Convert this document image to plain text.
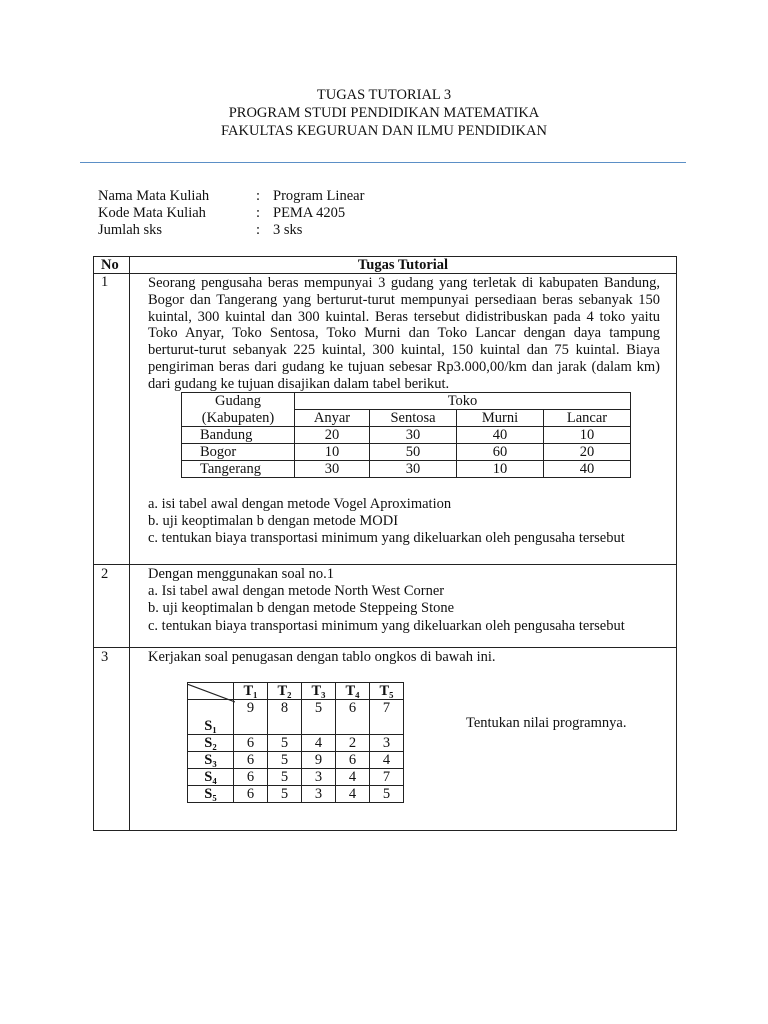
TUGAS TUTORIAL 3
PROGRAM STUDI PENDIDIKAN MATEMATIKA
FAKULTAS KEGURUAN DAN ILMU PENDIDIKAN
Nama Mata Kuliah	: Program Linear
Kode Mata Kuliah	: PEMA 4205
Jumlah sks	: 3 sks
No	Tugas Tutorial
1	Seorang pengusaha beras mempunyai 3 gudang yang terletak di kabupaten Bandung, Bogor dan Tangerang yang berturut-turut mempunyai persediaan beras sebanyak 150 kuintal, 300 kuintal dan 300 kuintal. Beras tersebut didistribuskan pada 4 toko yaitu Toko Anyar, Toko Sentosa, Toko Murni dan Toko Lancar dengan daya tampung berturut-turut sebanyak 225 kuintal, 300 kuintal, 150 kuintal dan 75 kuintal. Biaya pengiriman beras dari gudang ke tujuan sebesar Rp3.000,00/km dan jarak (dalam km) dari gudang ke tujuan disajikan dalam tabel berikut.
Gudang	Toko			
(Kabupaten)	Anyar	Sentosa	Murni	Lancar
Bandung	20	30	40	10
Bogor	10	50	60	20
Tangerang	30	30	10	40
a. isi tabel awal dengan metode Vogel Aproximation
b. uji keoptimalan b dengan metode MODI
c. tentukan biaya transportasi minimum yang dikeluarkan oleh pengusaha tersebut
2	Dengan menggunakan soal no.1
a. Isi tabel awal dengan metode North West Corner
b. uji keoptimalan b dengan metode Steppeing Stone
c. tentukan biaya transportasi minimum yang dikeluarkan oleh pengusaha tersebut
3	Kerjakan soal penugasan dengan tablo ongkos di bawah ini.
	T₁	T₂	T₃	T₄	T₅
S₁	9	8	5	6	7
S₂	6	5	4	2	3
S₃	6	5	9	6	4
S₄	6	5	3	4	7
S₅	6	5	3	4	5
Tentukan nilai programnya.
